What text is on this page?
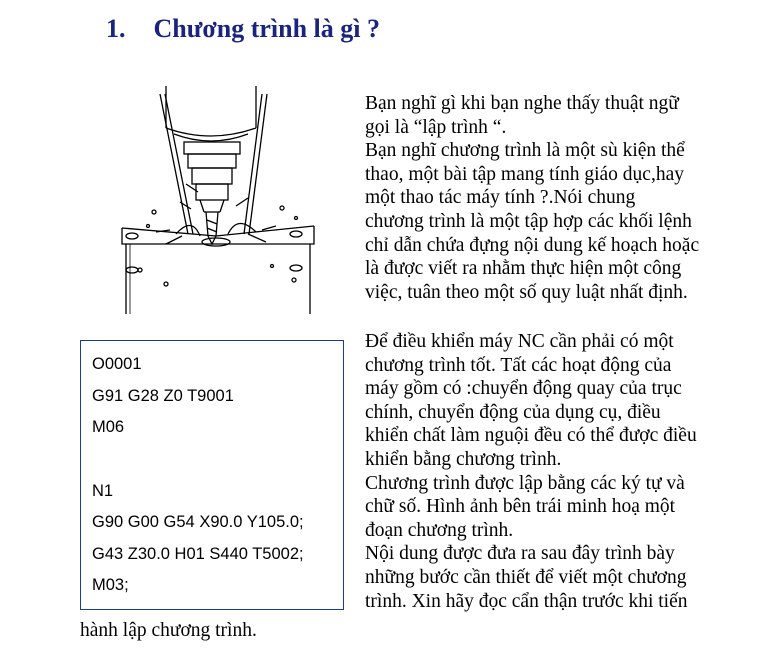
1. Chương trình là gì ?
Bạn nghĩ gì khi bạn nghe thấy thuật ngữ
gọi là “lập trình “.
Bạn nghĩ chương trình là một sù kiện thể
thao, một bài tập mang tính giáo dục,hay
một thao tác máy tính ?.Nói chung
chương trình là một tập hợp các khối lệnh
chỉ dẫn chứa đựng nội dung kế hoạch hoặc
là được viết ra nhằm thực hiện một công
việc, tuân theo một số quy luật nhất định.
O0001
G91 G28 Z0 T9001
M06
N1
G90 G00 G54 X90.0 Y105.0;
G43 Z30.0 H01 S440 T5002;
M03;
Để điều khiển máy NC cần phải có một
chương trình tốt. Tất các hoạt động của
máy gồm có :chuyển động quay của trục
chính, chuyển động của dụng cụ, điều
khiển chất làm nguội đều có thể được điều
khiển bằng chương trình.
Chương trình được lập bằng các ký tự và
chữ số. Hình ảnh bên trái minh hoạ một
đoạn chương trình.
Nội dung được đưa ra sau đây trình bày
những bước cần thiết để viết một chương
trình. Xin hãy đọc cẩn thận trước khi tiến
hành lập chương trình.
